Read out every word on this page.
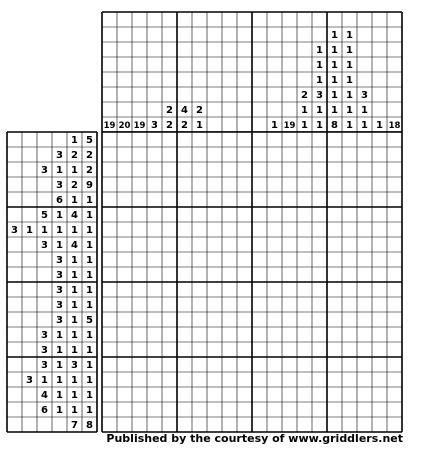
19 20 19 3
2
2
4
2
2
1	1 19
2
1
1
1
1
1
3
1
1
1
1
1
1
1
1
8
1
1
1
1
1
1
1
3
1
1 1 18
1 5
3 2 2
3 1 1 2
3 2 9
6 1 1
5 1 4 1
3 1 1 1 1 1
3 1 4 1
3 1 1
3 1 1
3 1 1
3 1 1
3 1 5
3 1 1 1
3 1 1 1
3 1 3 1
3 1 1 1 1
4 1 1 1
6 1 1 1
7 8
Published by the courtesy of www.griddlers.net
